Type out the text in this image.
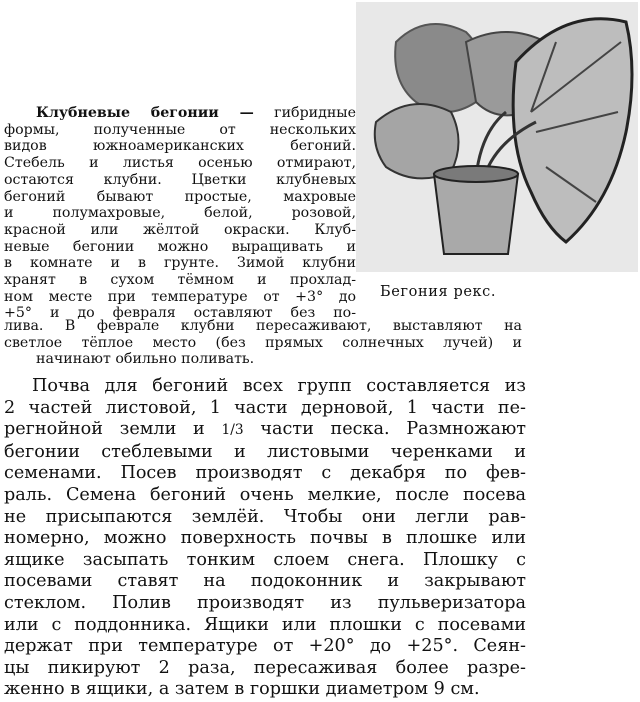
Бегония рекс.
Клубневые бегонии — гибридные
формы, полученные от нескольких
видов южноамериканских бегоний.
Стебель и листья осенью отмирают,
остаются клубни. Цветки клубневых
бегоний бывают простые, махровые
и полумахровые, белой, розовой,
красной или жёлтой окраски. Клуб-
невые бегонии можно выращивать и
в комнате и в грунте. Зимой клубни
хранят в сухом тёмном и прохлад-
ном месте при температуре от +3° до
+5° и до февраля оставляют без по-
лива. В феврале клубни пересаживают, выставляют на
светлое тёплое место (без прямых солнечных лучей) и
начинают обильно поливать.
Почва для бегоний всех групп составляется из
2 частей листовой, 1 части дерновой, 1 части пе-
регнойной земли и 1/3 части песка. Размножают
бегонии стеблевыми и листовыми черенками и
семенами. Посев производят с декабря по фев-
раль. Семена бегоний очень мелкие, после посева
не присыпаются землёй. Чтобы они легли рав-
номерно, можно поверхность почвы в плошке или
ящике засыпать тонким слоем снега. Плошку с
посевами ставят на подоконник и закрывают
стеклом. Полив производят из пульверизатора
или с поддонника. Ящики или плошки с посевами
держат при температуре от +20° до +25°. Сеян-
цы пикируют 2 раза, пересаживая более разре-
женно в ящики, а затем в горшки диаметром 9 см.
